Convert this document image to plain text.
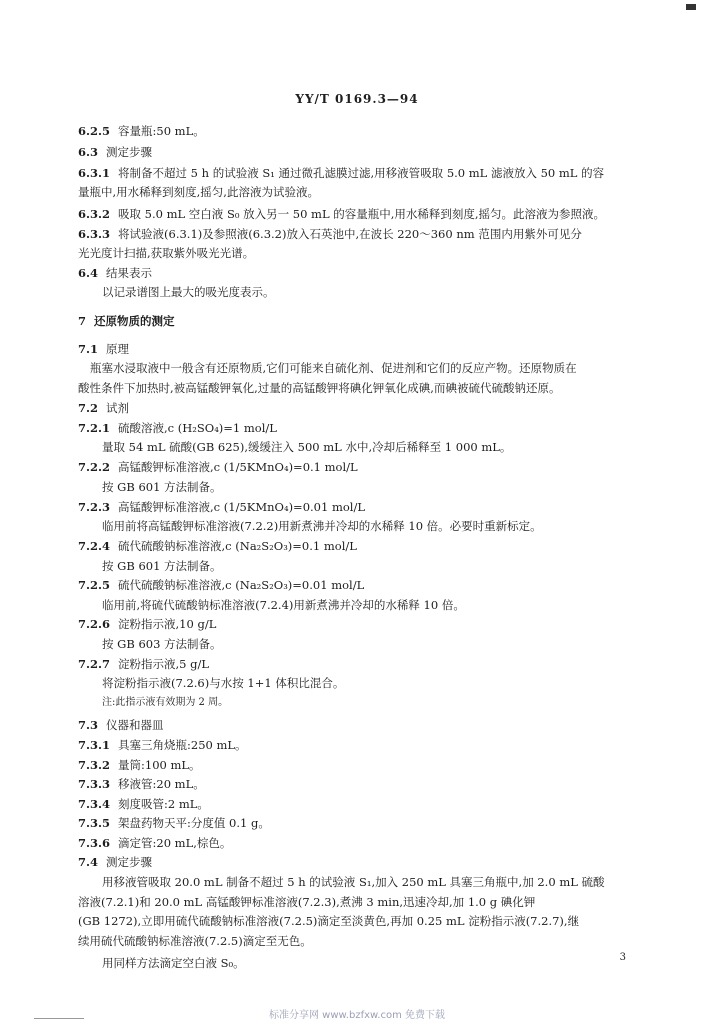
YY/T 0169.3—94
6.2.5 容量瓶:50 mL。
6.3 测定步骤
6.3.1 将制备不超过 5 h 的试验液 S₁ 通过微孔滤膜过滤,用移液管吸取 5.0 mL 滤液放入 50 mL 的容
量瓶中,用水稀释到刻度,摇匀,此溶液为试验液。
6.3.2 吸取 5.0 mL 空白液 S₀ 放入另一 50 mL 的容量瓶中,用水稀释到刻度,摇匀。此溶液为参照液。
6.3.3 将试验液(6.3.1)及参照液(6.3.2)放入石英池中,在波长 220～360 nm 范围内用紫外可见分
光光度计扫描,获取紫外吸光光谱。
6.4 结果表示
以记录谱图上最大的吸光度表示。
7 还原物质的测定
7.1 原理
瓶塞水浸取液中一般含有还原物质,它们可能来自硫化剂、促进剂和它们的反应产物。还原物质在
酸性条件下加热时,被高锰酸钾氧化,过量的高锰酸钾将碘化钾氧化成碘,而碘被硫代硫酸钠还原。
7.2 试剂
7.2.1 硫酸溶液,c (H₂SO₄)=1 mol/L
量取 54 mL 硫酸(GB 625),缓缓注入 500 mL 水中,冷却后稀释至 1 000 mL。
7.2.2 高锰酸钾标准溶液,c (1/5KMnO₄)=0.1 mol/L
按 GB 601 方法制备。
7.2.3 高锰酸钾标准溶液,c (1/5KMnO₄)=0.01 mol/L
临用前将高锰酸钾标准溶液(7.2.2)用新煮沸并冷却的水稀释 10 倍。必要时重新标定。
7.2.4 硫代硫酸钠标准溶液,c (Na₂S₂O₃)=0.1 mol/L
按 GB 601 方法制备。
7.2.5 硫代硫酸钠标准溶液,c (Na₂S₂O₃)=0.01 mol/L
临用前,将硫代硫酸钠标准溶液(7.2.4)用新煮沸并冷却的水稀释 10 倍。
7.2.6 淀粉指示液,10 g/L
按 GB 603 方法制备。
7.2.7 淀粉指示液,5 g/L
将淀粉指示液(7.2.6)与水按 1+1 体积比混合。
注:此指示液有效期为 2 周。
7.3 仪器和器皿
7.3.1 具塞三角烧瓶:250 mL。
7.3.2 量筒:100 mL。
7.3.3 移液管:20 mL。
7.3.4 刻度吸管:2 mL。
7.3.5 架盘药物天平:分度值 0.1 g。
7.3.6 滴定管:20 mL,棕色。
7.4 测定步骤
用移液管吸取 20.0 mL 制备不超过 5 h 的试验液 S₁,加入 250 mL 具塞三角瓶中,加 2.0 mL 硫酸
溶液(7.2.1)和 20.0 mL 高锰酸钾标准溶液(7.2.3),煮沸 3 min,迅速冷却,加 1.0 g 碘化钾
(GB 1272),立即用硫代硫酸钠标准溶液(7.2.5)滴定至淡黄色,再加 0.25 mL 淀粉指示液(7.2.7),继
续用硫代硫酸钠标准溶液(7.2.5)滴定至无色。
用同样方法滴定空白液 S₀。	3
标准分享网 www.bzfxw.com 免费下载
